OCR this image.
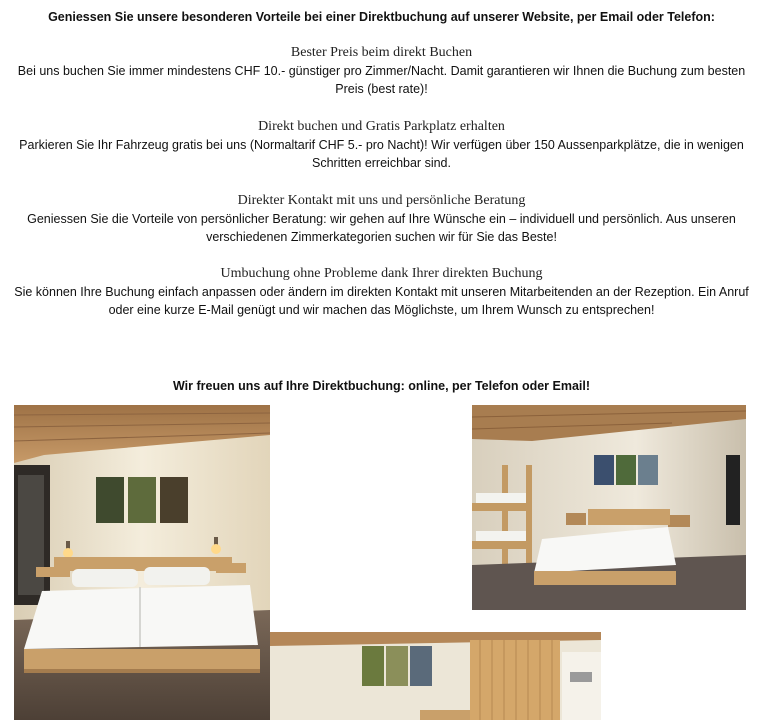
Geniessen Sie unsere besonderen Vorteile bei einer Direktbuchung auf unserer Website, per Email oder Telefon:
Bester Preis beim direkt Buchen
Bei uns buchen Sie immer mindestens CHF 10.- günstiger pro Zimmer/Nacht. Damit garantieren wir Ihnen die Buchung zum besten Preis (best rate)!
Direkt buchen und Gratis Parkplatz erhalten
Parkieren Sie Ihr Fahrzeug gratis bei uns (Normaltarif CHF 5.- pro Nacht)! Wir verfügen über 150 Aussenparkplätze, die in wenigen Schritten erreichbar sind.
Direkter Kontakt mit uns und persönliche Beratung
Geniessen Sie die Vorteile von persönlicher Beratung: wir gehen auf Ihre Wünsche ein – individuell und persönlich. Aus unseren verschiedenen Zimmerkategorien suchen wir für Sie das Beste!
Umbuchung ohne Probleme dank Ihrer direkten Buchung
Sie können Ihre Buchung einfach anpassen oder ändern im direkten Kontakt mit unseren Mitarbeitenden an der Rezeption. Ein Anruf oder eine kurze E-Mail genügt und wir machen das Möglichste, um Ihrem Wunsch zu entsprechen!
Wir freuen uns auf Ihre Direktbuchung: online, per Telefon oder Email!
